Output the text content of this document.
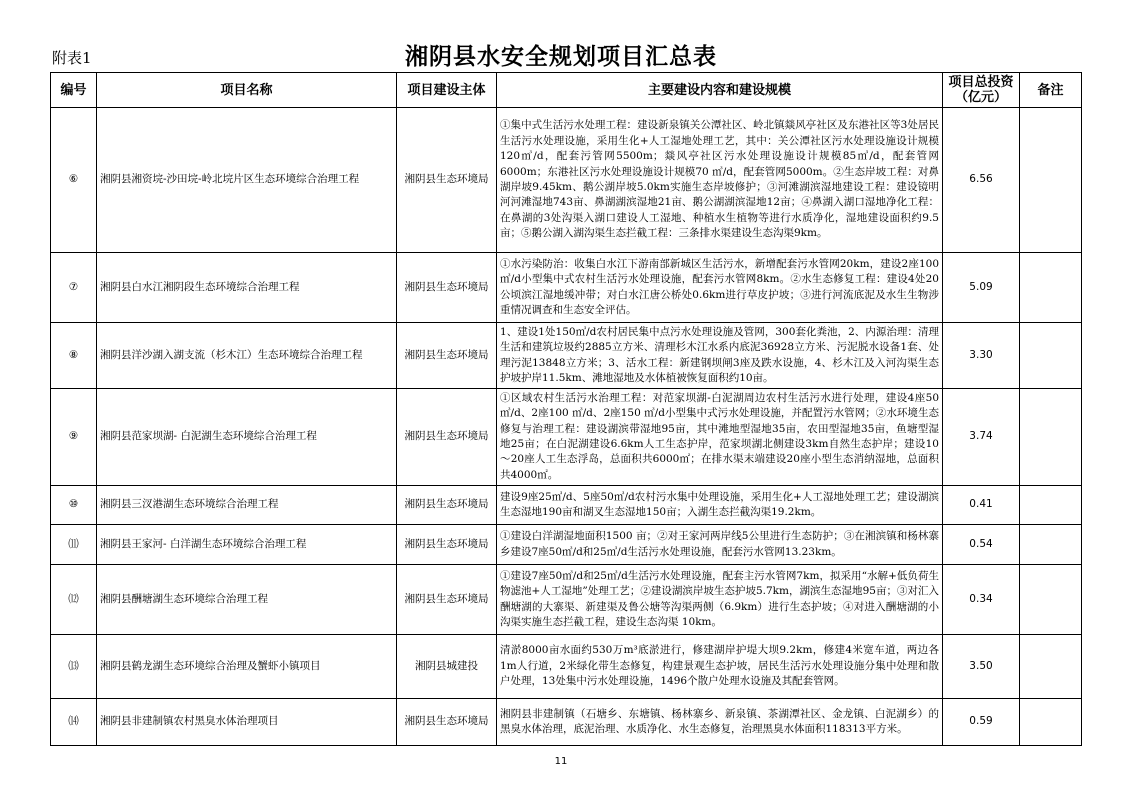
附表1	湘阴县水安全规划项目汇总表
编号	项目名称	项目建设主体	主要建设内容和建设规模	项目总投资（亿元）	备注
⑥	湘阴县湘资垸-沙田垸-岭北垸片区生态环境综合治理工程	湘阴县生态环境局	①集中式生活污水处理工程：建设新泉镇关公潭社区、岭北镇燚风亭社区及东港社区等3处居民生活污水处理设施，采用生化+人工湿地处理工艺，其中：关公潭社区污水处理设施设计规模120㎥/d，配套污管网5500m；燚风亭社区污水处理设施设计规模85㎥/d，配套管网6000m；东港社区污水处理设施设计规模70 ㎥/d，配套管网5000m。②生态岸坡工程：对鼻湖岸坡9.45km、鹅公湖岸坡5.0km实施生态岸坡修护；③河滩湖滨湿地建设工程：建设镜明河河滩湿地743亩、鼻湖湖滨湿地21亩、鹅公湖湖滨湿地12亩；④鼻湖入湖口湿地净化工程：在鼻湖的3处沟渠入湖口建设人工湿地、种植水生植物等进行水质净化，湿地建设面积约9.5亩；⑤鹅公湖入湖沟渠生态拦截工程：三条排水渠建设生态沟渠9km。	6.56	
⑦	湘阴县白水江湘阴段生态环境综合治理工程	湘阴县生态环境局	①水污染防治：收集白水江下游南部新城区生活污水，新增配套污水管网20km，建设2座100 ㎥/d小型集中式农村生活污水处理设施，配套污水管网8km。②水生态修复工程：建设4处20公顷滨江湿地缓冲带；对白水江唐公桥处0.6km进行草皮护坡；③进行河流底泥及水生生物涉重情况调查和生态安全评估。	5.09	
⑧	湘阴县洋沙湖入湖支流（杉木江）生态环境综合治理工程	湘阴县生态环境局	1、建设1处150㎥/d农村居民集中点污水处理设施及管网，300套化粪池，2、内源治理：清理生活和建筑垃圾约2885立方米、清理杉木江水系内底泥36928立方米、污泥脱水设备1套、处理污泥13848立方米；3、活水工程：新建钢坝闸3座及跌水设施，4、杉木江及入河沟渠生态护坡护岸11.5km、滩地湿地及水体植被恢复面积约10亩。	3.30	
⑨	湘阴县范家坝湖- 白泥湖生态环境综合治理工程	湘阴县生态环境局	①区域农村生活污水治理工程：对范家坝湖-白泥湖周边农村生活污水进行处理，建设4座50 ㎥/d、2座100 ㎥/d、2座150 ㎥/d小型集中式污水处理设施，并配置污水管网；②水环境生态修复与治理工程：建设湖滨带湿地95亩，其中滩地型湿地35亩，农田型湿地35亩，鱼塘型湿地25亩；在白泥湖建设6.6km人工生态护岸，范家坝湖北侧建设3km自然生态护岸；建设10～20座人工生态浮岛，总面积共6000㎡；在排水渠末端建设20座小型生态消纳湿地，总面积共4000㎡。	3.74	
⑩	湘阴县三汊港湖生态环境综合治理工程	湘阴县生态环境局	建设9座25㎥/d、5座50㎥/d农村污水集中处理设施，采用生化+人工湿地处理工艺；建设湖滨生态湿地190亩和湖叉生态湿地150亩；入湖生态拦截沟渠19.2km。	0.41	
⑾	湘阴县王家河- 白洋湖生态环境综合治理工程	湘阴县生态环境局	①建设白洋湖湿地面积1500 亩；②对王家河两岸线5公里进行生态防护；③在湘滨镇和杨林寨乡建设7座50㎥/d和25㎥/d生活污水处理设施，配套污水管网13.23km。	0.54	
⑿	湘阴县酬塘湖生态环境综合治理工程	湘阴县生态环境局	①建设7座50㎥/d和25㎥/d生活污水处理设施，配套主污水管网7km，拟采用“水解+低负荷生物滤池+人工湿地”处理工艺；②建设湖滨岸坡生态护坡5.7km，湖滨生态湿地95亩；③对汇入酬塘湖的大寨渠、新建渠及鲁公塘等沟渠两侧（6.9km）进行生态护坡；④对进入酬塘湖的小沟渠实施生态拦截工程，建设生态沟渠 10km。	0.34	
⒀	湘阴县鹤龙湖生态环境综合治理及蟹虾小镇项目	湘阴县城建投	清淤8000亩水面约530万m³底淤进行，修建湖岸护堤大坝9.2km，修建4米宽车道，两边各1m人行道，2米绿化带生态修复，构建景观生态护坡，居民生活污水处理设施分集中处理和散户处理，13处集中污水处理设施，1496个散户处理水设施及其配套管网。	3.50	
⒁	湘阴县非建制镇农村黑臭水体治理项目	湘阴县生态环境局	湘阴县非建制镇（石塘乡、东塘镇、杨林寨乡、新泉镇、茶湖潭社区、金龙镇、白泥湖乡）的黑臭水体治理，底泥治理、水质净化、水生态修复，治理黑臭水体面积118313平方米。	0.59	
11
